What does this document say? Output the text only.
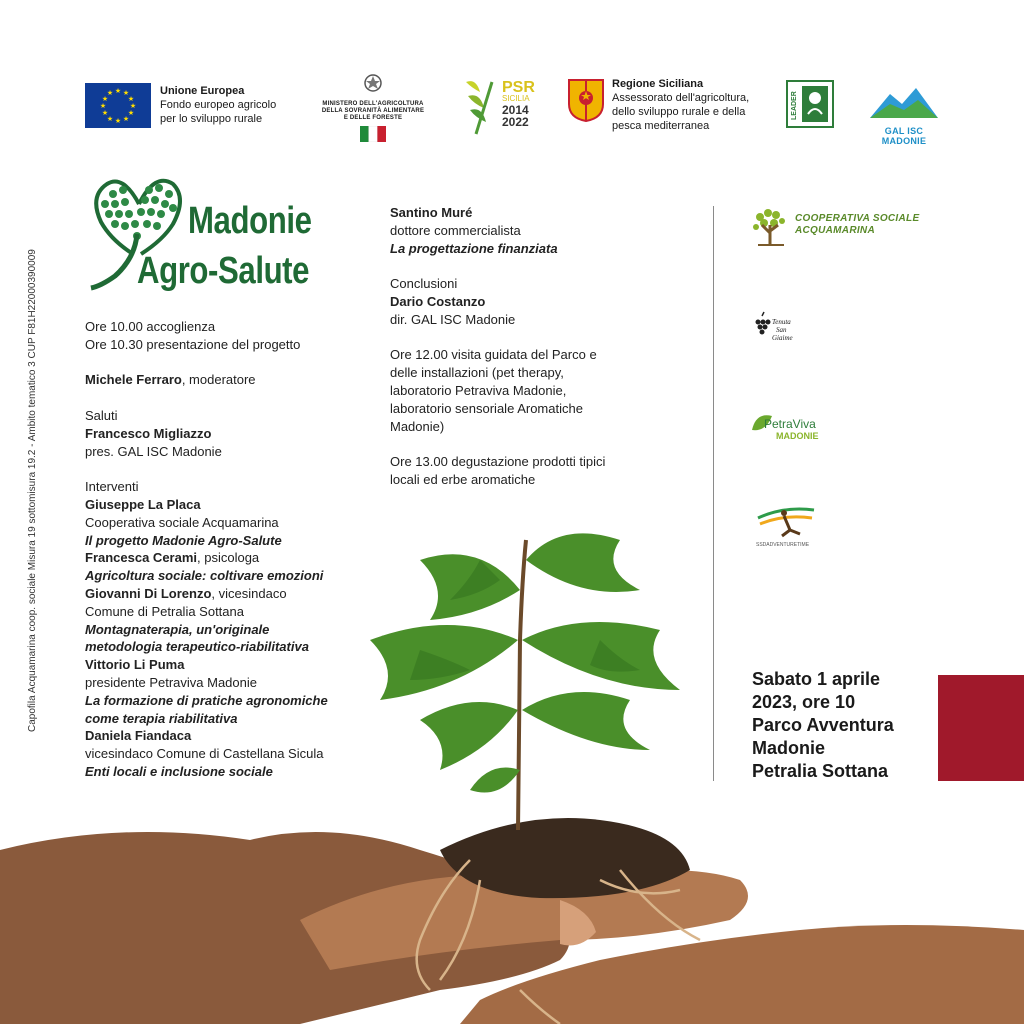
★ ★
★
★
★
★
★
★
★
★
★
★	Unione Europea
Fondo europeo agricolo
per lo sviluppo rurale
MINISTERO DELL'AGRICOLTURA
DELLA SOVRANITÀ ALIMENTARE
E DELLE FORESTE
PSR
SICILIA
2014
2022
Regione Siciliana
Assessorato dell'agricoltura,
dello sviluppo rurale e della
pesca mediterranea
LEADER
GAL ISC MADONIE
Capofila Acquamarina coop. sociale Misura 19 sottomisura 19.2 - Ambito tematico 3 CUP F81H22000390009
Madonie
Agro-Salute

Ore 10.00 accoglienza

Ore 10.30 presentazione del progetto

Michele Ferraro, moderatore

Saluti

Francesco Migliazzo

pres. GAL ISC Madonie

Interventi

Giuseppe La Placa

Cooperativa sociale Acquamarina

Il progetto Madonie Agro-Salute

Francesca Cerami, psicologa

Agricoltura sociale: coltivare emozioni

Giovanni Di Lorenzo, vicesindaco

Comune di Petralia Sottana

Montagnaterapia, un'originale

metodologia terapeutico-riabilitativa

Vittorio Li Puma

presidente Petraviva Madonie

La formazione di pratiche agronomiche

come terapia riabilitativa

Daniela Fiandaca

vicesindaco Comune di Castellana Sicula

Enti locali e inclusione sociale

Santino Muré

dottore commercialista

La progettazione finanziata

Conclusioni

Dario Costanzo

dir. GAL ISC Madonie

Ore 12.00 visita guidata del Parco e

delle installazioni (pet therapy,

laboratorio Petraviva Madonie,

laboratorio sensoriale Aromatiche

Madonie)

Ore 13.00 degustazione prodotti tipici

locali ed erbe aromatiche

COOPERATIVA SOCIALE
ACQUAMARINA
Tenuta
San
Giaime
PetraViva
MADONIE
SSDADVENTURETIME
Sabato 1 aprile
2023, ore 10
Parco Avventura
Madonie
Petralia Sottana
